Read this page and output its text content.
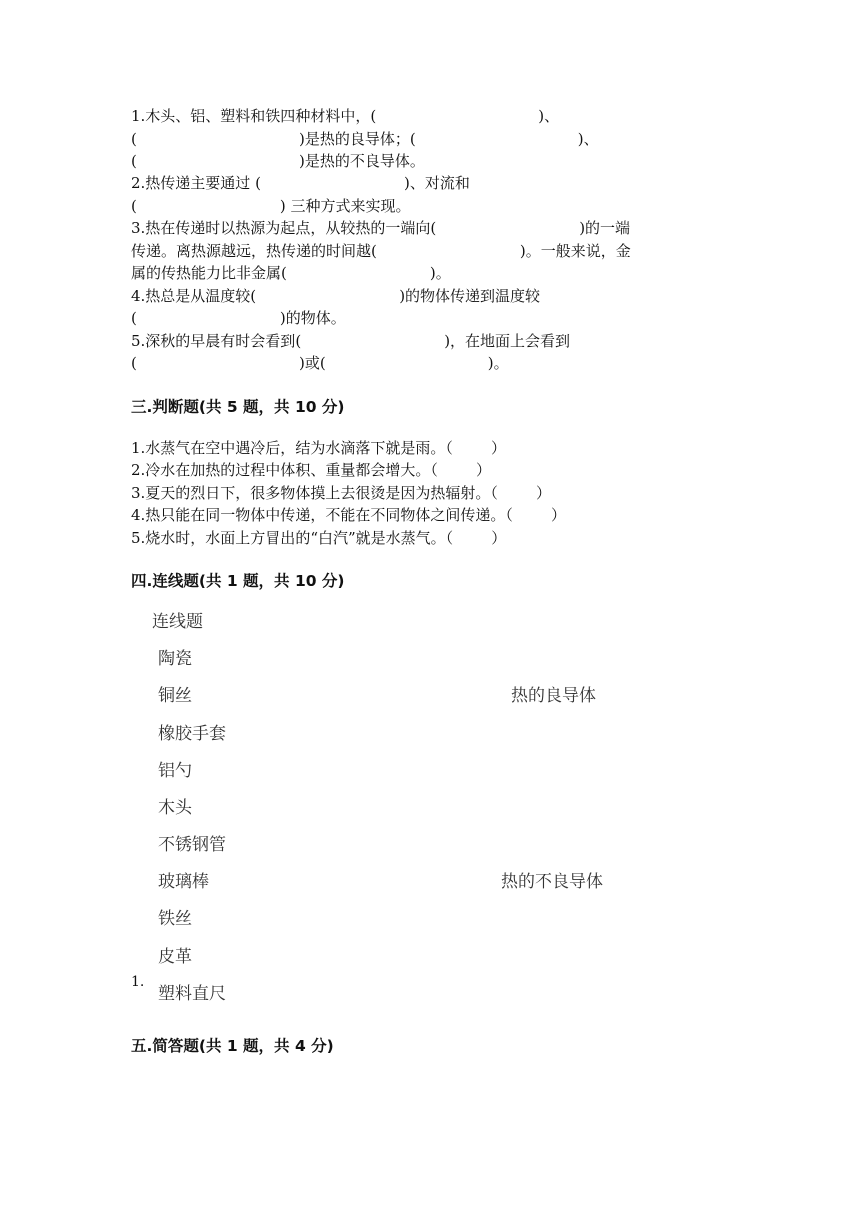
1.木头、铝、塑料和铁四种材料中，(                                  )、
(                                  )是热的良导体；(                                  )、
(                                  )是热的不良导体。
2.热传递主要通过 (                              )、对流和
(                              ) 三种方式来实现。
3.热在传递时以热源为起点，从较热的一端向(                              )的一端
传递。离热源越远，热传递的时间越(                              )。一般来说，金
属的传热能力比非金属(                              )。
4.热总是从温度较(                              )的物体传递到温度较
(                              )的物体。
5.深秋的早晨有时会看到(                              )，在地面上会看到
(                                  )或(                                  )。
三.判断题(共 5 题，共 10 分)
1.水蒸气在空中遇冷后，结为水滴落下就是雨。（        ）
2.冷水在加热的过程中体积、重量都会增大。（        ）
3.夏天的烈日下，很多物体摸上去很烫是因为热辐射。（        ）
4.热只能在同一物体中传递，不能在不同物体之间传递。（        ）
5.烧水时，水面上方冒出的“白汽”就是水蒸气。（        ）
四.连线题(共 1 题，共 10 分)
连线题
陶瓷
铜丝
橡胶手套
铝勺
木头
不锈钢管
玻璃棒
铁丝
皮革
塑料直尺
热的良导体
热的不良导体
1.
五.简答题(共 1 题，共 4 分)
